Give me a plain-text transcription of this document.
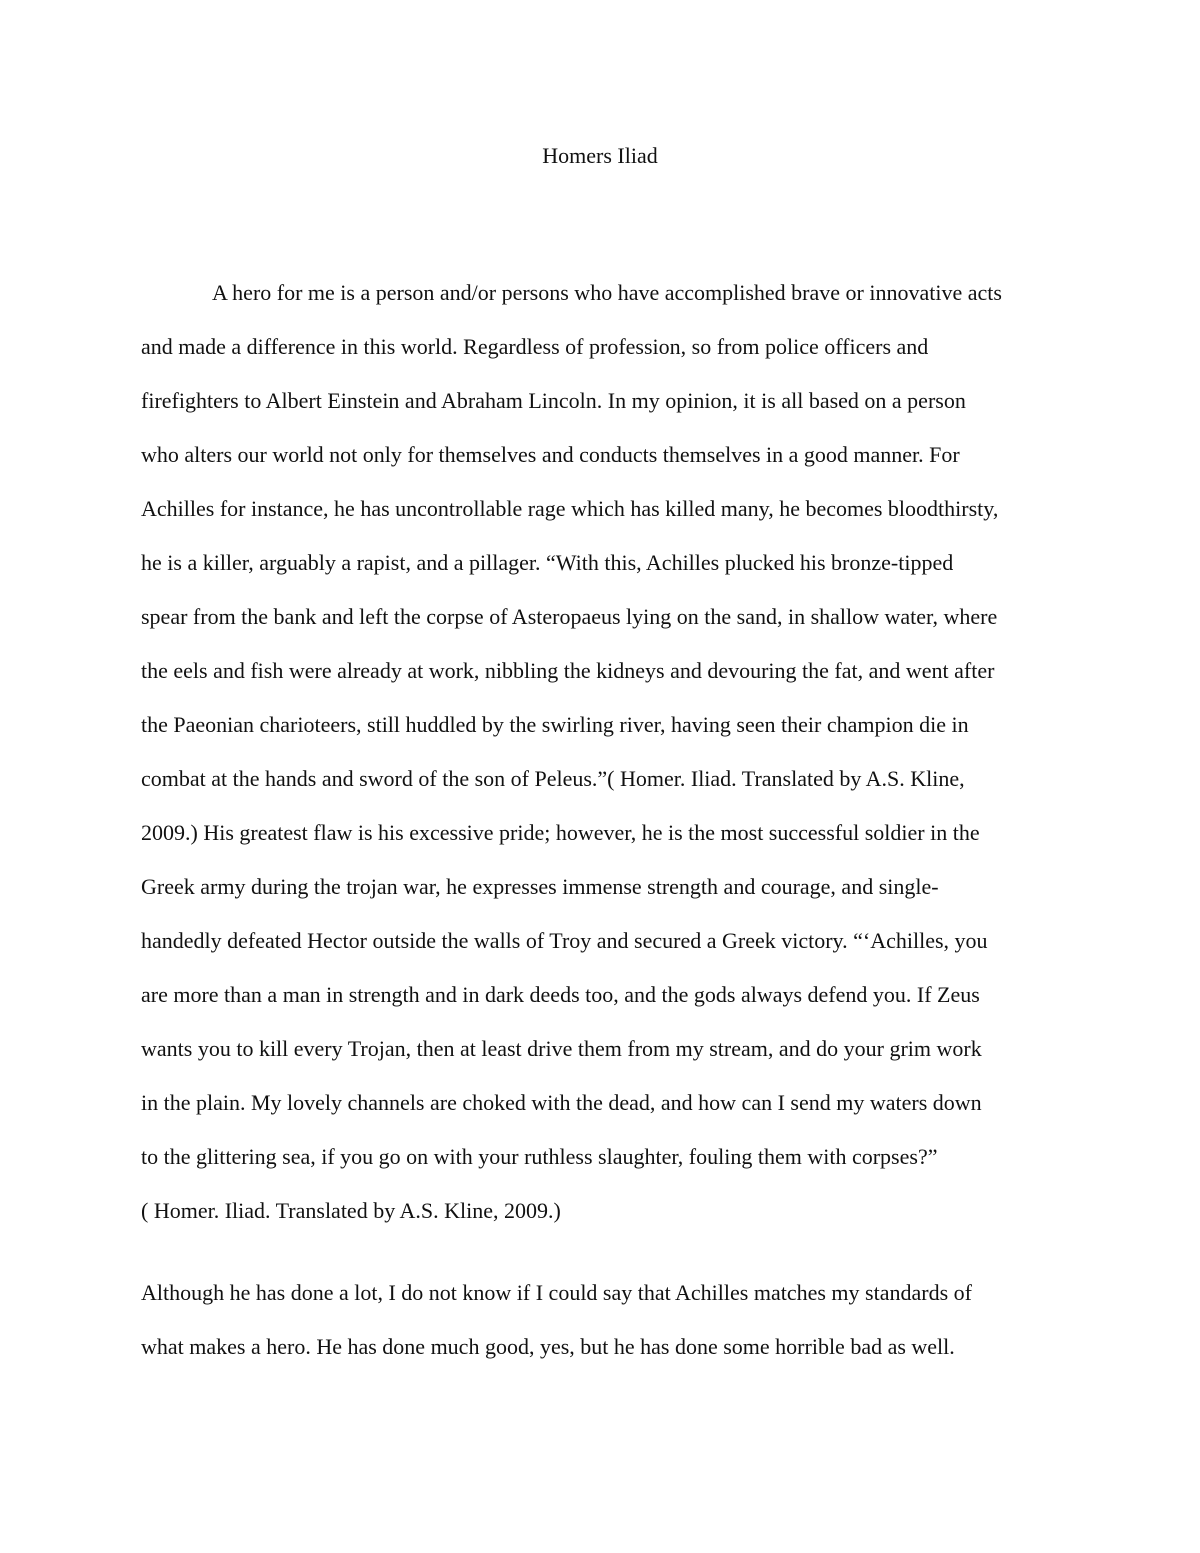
Homers Iliad

A hero for me is a person and/or persons who have accomplished brave or innovative acts

and made a difference in this world. Regardless of profession, so from police officers and

firefighters to Albert Einstein and Abraham Lincoln. In my opinion, it is all based on a person

who alters our world not only for themselves and conducts themselves in a good manner. For

Achilles for instance, he has uncontrollable rage which has killed many, he becomes bloodthirsty,

he is a killer, arguably a rapist, and a pillager. “With this, Achilles plucked his bronze-tipped

spear from the bank and left the corpse of Asteropaeus lying on the sand, in shallow water, where

the eels and fish were already at work, nibbling the kidneys and devouring the fat, and went after

the Paeonian charioteers, still huddled by the swirling river, having seen their champion die in

combat at the hands and sword of the son of Peleus.”( Homer. Iliad. Translated by A.S. Kline,

2009.) His greatest flaw is his excessive pride; however, he is the most successful soldier in the

Greek army during the trojan war, he expresses immense strength and courage, and single-

handedly defeated Hector outside the walls of Troy and secured a Greek victory. “‘Achilles, you

are more than a man in strength and in dark deeds too, and the gods always defend you. If Zeus

wants you to kill every Trojan, then at least drive them from my stream, and do your grim work

in the plain. My lovely channels are choked with the dead, and how can I send my waters down

to the glittering sea, if you go on with your ruthless slaughter, fouling them with corpses?”

( Homer. Iliad. Translated by A.S. Kline, 2009.)

Although he has done a lot, I do not know if I could say that Achilles matches my standards of

what makes a hero. He has done much good, yes, but he has done some horrible bad as well.
